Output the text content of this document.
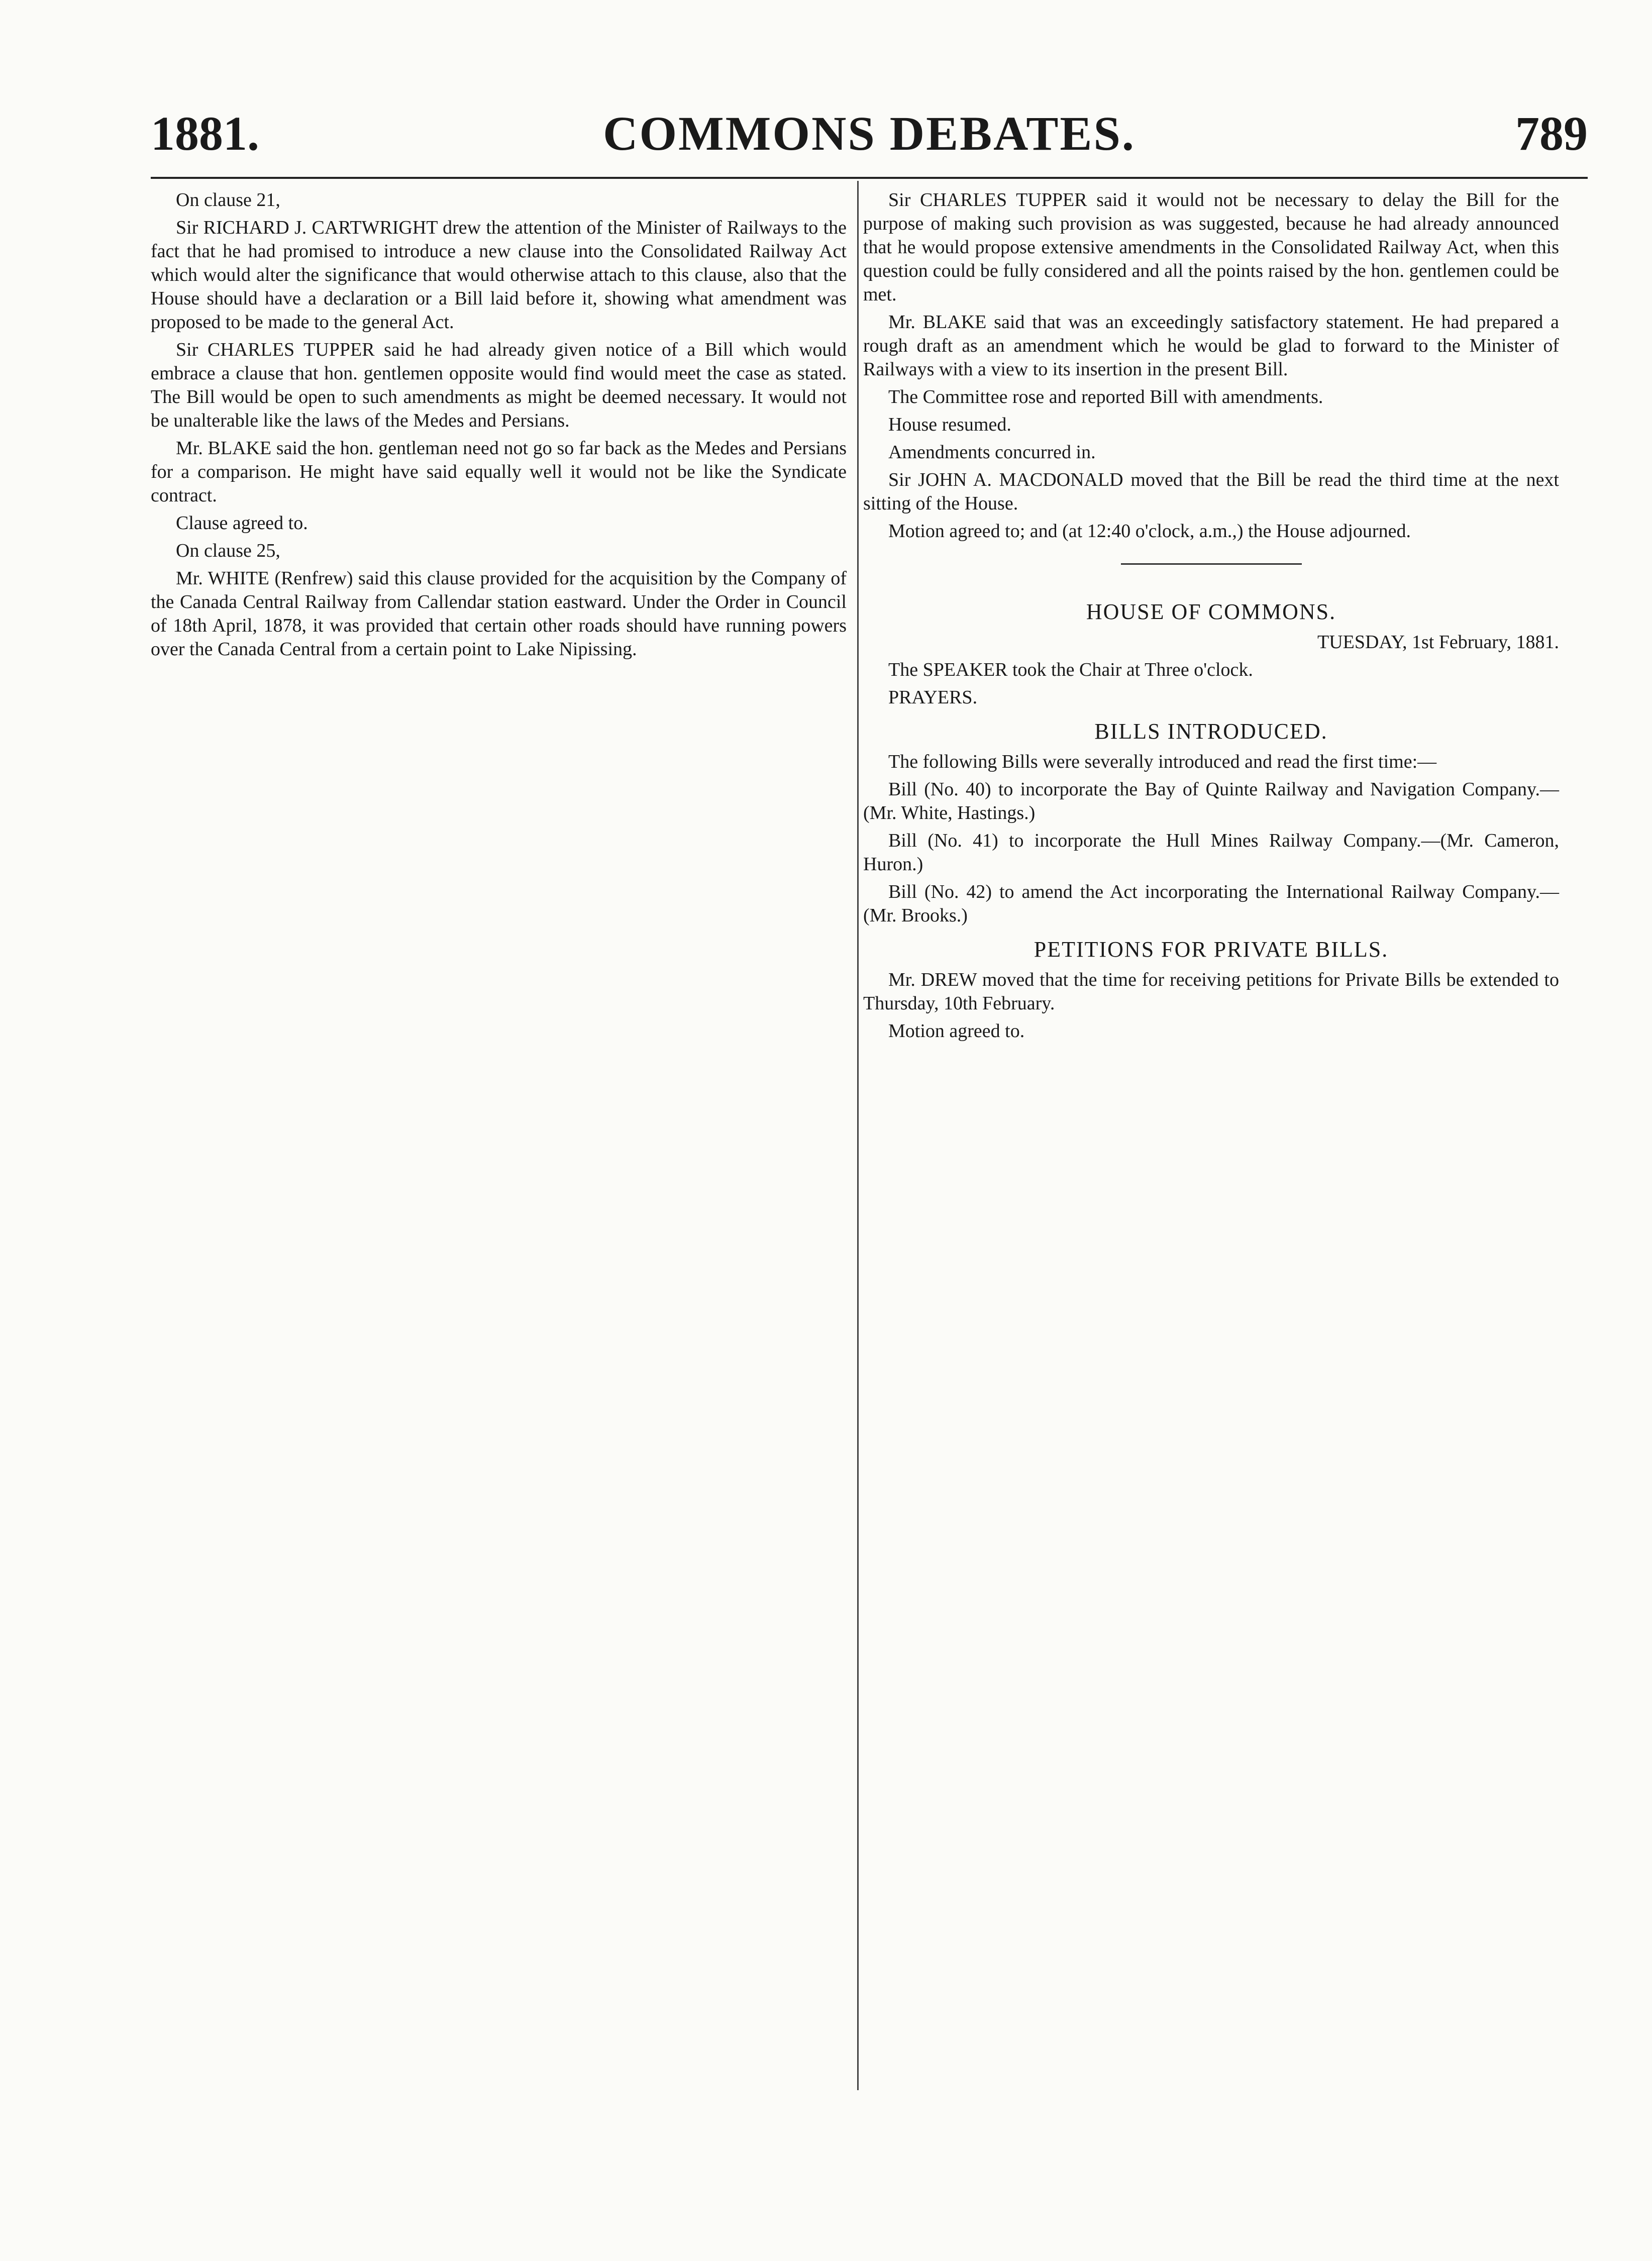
1881.	COMMONS DEBATES.	789

On clause 21,

Sir RICHARD J. CARTWRIGHT drew the attention of the Minister of Railways to the fact that he had promised to introduce a new clause into the Consolidated Railway Act which would alter the significance that would otherwise attach to this clause, also that the House should have a declaration or a Bill laid before it, showing what amendment was proposed to be made to the general Act.

Sir CHARLES TUPPER said he had already given notice of a Bill which would embrace a clause that hon. gentlemen opposite would find would meet the case as stated. The Bill would be open to such amendments as might be deemed necessary. It would not be unalterable like the laws of the Medes and Persians.

Mr. BLAKE said the hon. gentleman need not go so far back as the Medes and Persians for a comparison. He might have said equally well it would not be like the Syndicate contract.

Clause agreed to.

On clause 25,

Mr. WHITE (Renfrew) said this clause provided for the acquisition by the Company of the Canada Central Railway from Callendar station eastward. Under the Order in Council of 18th April, 1878, it was provided that certain other roads should have running powers over the Canada Central from a certain point to Lake Nipissing.

Sir CHARLES TUPPER said it would not be necessary to delay the Bill for the purpose of making such provision as was suggested, because he had already announced that he would propose extensive amendments in the Consolidated Railway Act, when this question could be fully considered and all the points raised by the hon. gentlemen could be met.

Mr. BLAKE said that was an exceedingly satisfactory statement. He had prepared a rough draft as an amendment which he would be glad to forward to the Minister of Railways with a view to its insertion in the present Bill.

The Committee rose and reported Bill with amendments.

House resumed.

Amendments concurred in.

Sir JOHN A. MACDONALD moved that the Bill be read the third time at the next sitting of the House.

Motion agreed to; and (at 12:40 o'clock, a.m.,) the House adjourned.

HOUSE OF COMMONS.

TUESDAY, 1st February, 1881.

The SPEAKER took the Chair at Three o'clock.

PRAYERS.

BILLS INTRODUCED.

The following Bills were severally introduced and read the first time:—

Bill (No. 40) to incorporate the Bay of Quinte Railway and Navigation Company.—(Mr. White, Hastings.)

Bill (No. 41) to incorporate the Hull Mines Railway Company.—(Mr. Cameron, Huron.)

Bill (No. 42) to amend the Act incorporating the International Railway Company.—(Mr. Brooks.)

PETITIONS FOR PRIVATE BILLS.

Mr. DREW moved that the time for receiving petitions for Private Bills be extended to Thursday, 10th February.

Motion agreed to.
